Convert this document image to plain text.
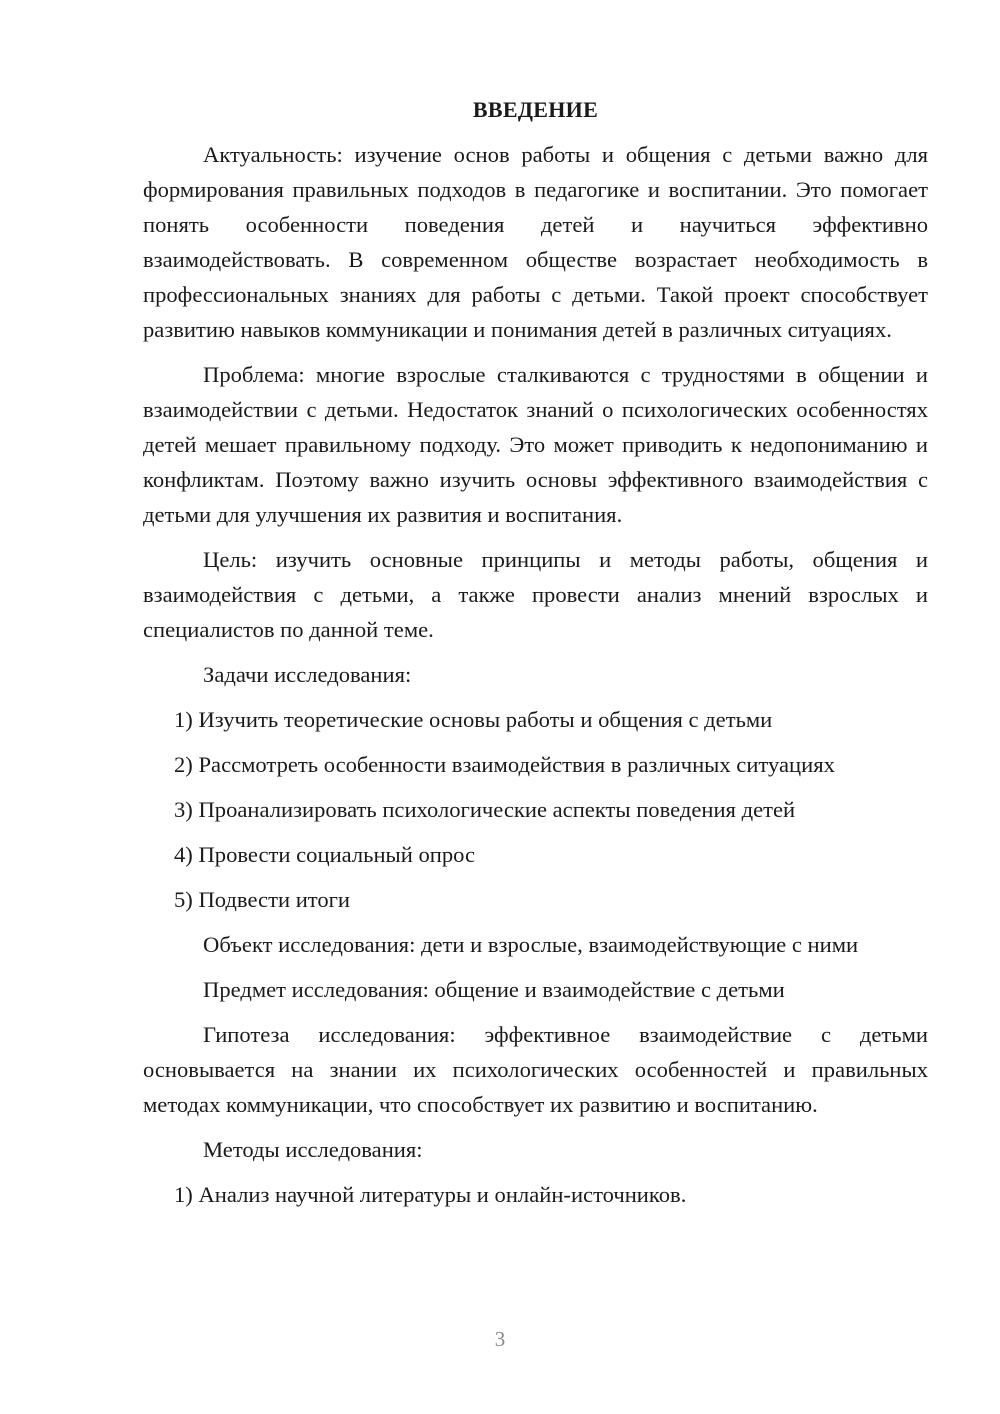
ВВЕДЕНИЕ

Актуальность: изучение основ работы и общения с детьми важно для формирования правильных подходов в педагогике и воспитании. Это помогает понять особенности поведения детей и научиться эффективно взаимодействовать. В современном обществе возрастает необходимость в профессиональных знаниях для работы с детьми. Такой проект способствует развитию навыков коммуникации и понимания детей в различных ситуациях.

Проблема: многие взрослые сталкиваются с трудностями в общении и взаимодействии с детьми. Недостаток знаний о психологических особенностях детей мешает правильному подходу. Это может приводить к недопониманию и конфликтам. Поэтому важно изучить основы эффективного взаимодействия с детьми для улучшения их развития и воспитания.

Цель: изучить основные принципы и методы работы, общения и взаимодействия с детьми, а также провести анализ мнений взрослых и специалистов по данной теме.

Задачи исследования:
1) Изучить теоретические основы работы и общения с детьми
2) Рассмотреть особенности взаимодействия в различных ситуациях
3) Проанализировать психологические аспекты поведения детей
4) Провести социальный опрос
5) Подвести итоги
Объект исследования: дети и взрослые, взаимодействующие с ними
Предмет исследования: общение и взаимодействие с детьми

Гипотеза исследования: эффективное взаимодействие с детьми основывается на знании их психологических особенностей и правильных методах коммуникации, что способствует их развитию и воспитанию.

Методы исследования:
1) Анализ научной литературы и онлайн-источников.
3
